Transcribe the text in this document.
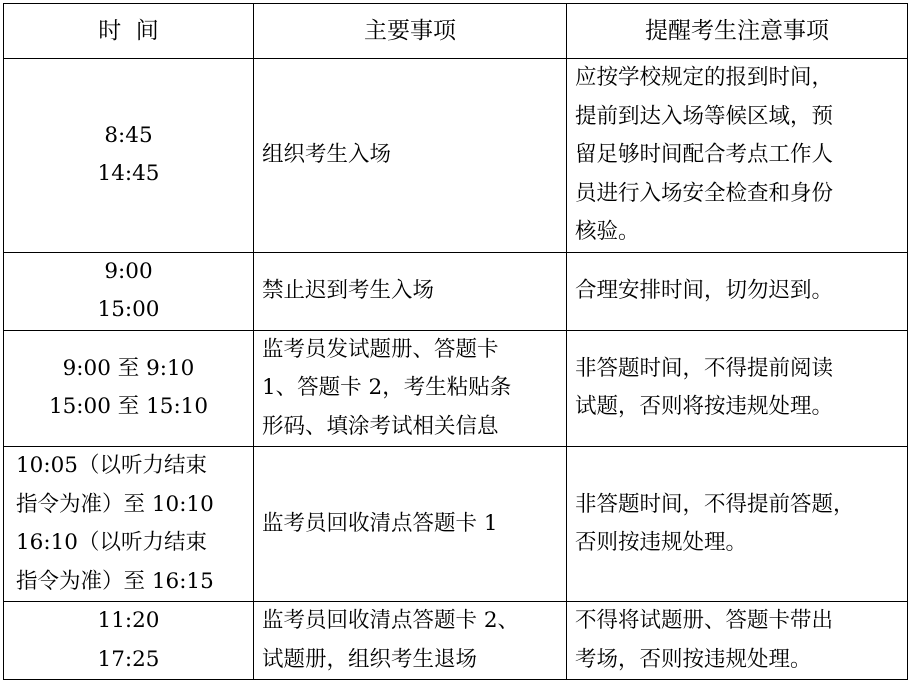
时  间	主要事项	提醒考生注意事项

8:45
14:45	组织考生入场	应按学校规定的报到时间，
提前到达入场等候区域，预
留足够时间配合考点工作人
员进行入场安全检查和身份
核验。

9:00
15:00	禁止迟到考生入场	合理安排时间，切勿迟到。

9:00 至 9:10
15:00 至 15:10	监考员发试题册、答题卡
1、答题卡 2，考生粘贴条
形码、填涂考试相关信息	非答题时间，不得提前阅读
试题，否则将按违规处理。

10:05（以听力结束
指令为准）至 10:10
16:10（以听力结束
指令为准）至 16:15	监考员回收清点答题卡 1	非答题时间，不得提前答题，
否则按违规处理。

11:20
17:25	监考员回收清点答题卡 2、
试题册，组织考生退场	不得将试题册、答题卡带出
考场，否则按违规处理。
